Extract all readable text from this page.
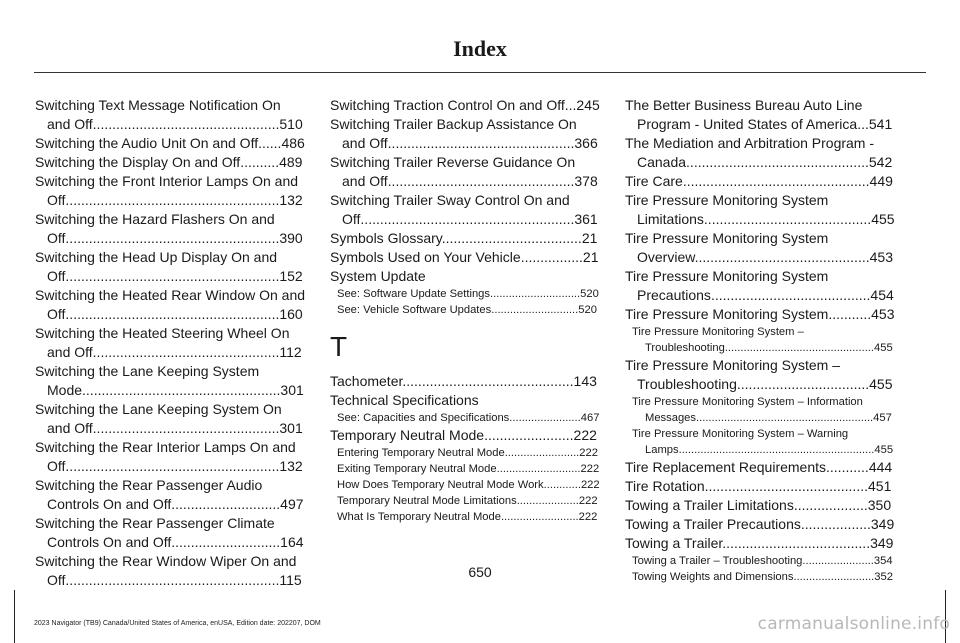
Index
Switching Text Message Notification On and Off................................................510
Switching the Audio Unit On and Off......486
Switching the Display On and Off..........489
Switching the Front Interior Lamps On and Off.......................................................132
Switching the Hazard Flashers On and Off.......................................................390
Switching the Head Up Display On and Off.......................................................152
Switching the Heated Rear Window On and Off.......................................................160
Switching the Heated Steering Wheel On and Off................................................112
Switching the Lane Keeping System Mode...................................................301
Switching the Lane Keeping System On and Off................................................301
Switching the Rear Interior Lamps On and Off.......................................................132
Switching the Rear Passenger Audio Controls On and Off............................497
Switching the Rear Passenger Climate Controls On and Off............................164
Switching the Rear Window Wiper On and Off.......................................................115
Switching Traction Control On and Off...245
Switching Trailer Backup Assistance On and Off................................................366
Switching Trailer Reverse Guidance On and Off................................................378
Switching Trailer Sway Control On and Off.......................................................361
Symbols Glossary....................................21
Symbols Used on Your Vehicle................21
System Update
See: Software Update Settings.............................520
See: Vehicle Software Updates............................520
T
Tachometer............................................143
Technical Specifications
See: Capacities and Specifications.......................467
Temporary Neutral Mode.......................222
Entering Temporary Neutral Mode........................222
Exiting Temporary Neutral Mode...........................222
How Does Temporary Neutral Mode Work............222
Temporary Neutral Mode Limitations....................222
What Is Temporary Neutral Mode.........................222
The Better Business Bureau Auto Line Program - United States of America...541
The Mediation and Arbitration Program - Canada...............................................542
Tire Care................................................449
Tire Pressure Monitoring System Limitations...........................................455
Tire Pressure Monitoring System Overview.............................................453
Tire Pressure Monitoring System Precautions.........................................454
Tire Pressure Monitoring System...........453
Tire Pressure Monitoring System – Troubleshooting................................................455
Tire Pressure Monitoring System – Troubleshooting..................................455
Tire Pressure Monitoring System – Information Messages.........................................................457
Tire Pressure Monitoring System – Warning Lamps...............................................................455
Tire Replacement Requirements...........444
Tire Rotation..........................................451
Towing a Trailer Limitations...................350
Towing a Trailer Precautions..................349
Towing a Trailer......................................349
Towing a Trailer – Troubleshooting.......................354
Towing Weights and Dimensions..........................352
650
2023 Navigator (TB9) Canada/United States of America, enUSA, Edition date: 202207, DOM	carmanualsonline.info
